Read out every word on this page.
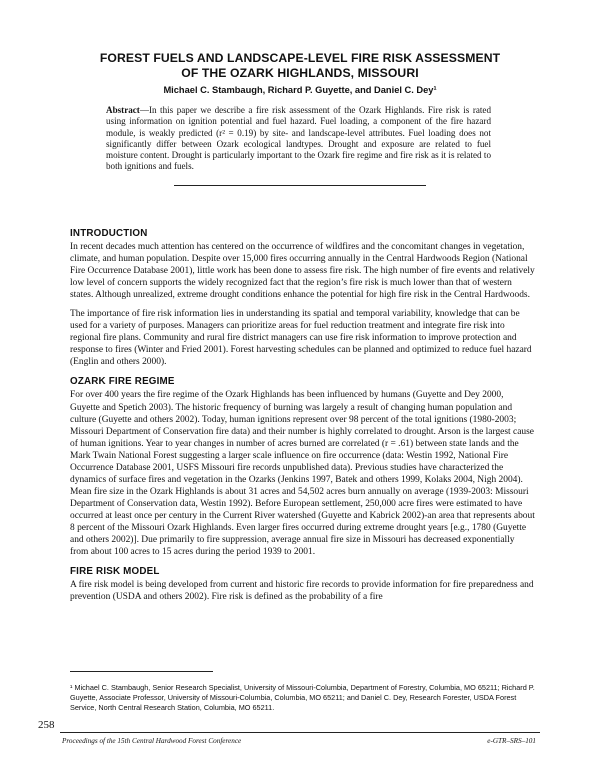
FOREST FUELS AND LANDSCAPE-LEVEL FIRE RISK ASSESSMENT
OF THE OZARK HIGHLANDS, MISSOURI
Michael C. Stambaugh, Richard P. Guyette, and Daniel C. Dey¹
Abstract—In this paper we describe a fire risk assessment of the Ozark Highlands. Fire risk is rated using information on ignition potential and fuel hazard. Fuel loading, a component of the fire hazard module, is weakly predicted (r² = 0.19) by site- and landscape-level attributes. Fuel loading does not significantly differ between Ozark ecological landtypes. Drought and exposure are related to fuel moisture content. Drought is particularly important to the Ozark fire regime and fire risk as it is related to both ignitions and fuels.
INTRODUCTION

In recent decades much attention has centered on the occurrence of wildfires and the concomitant changes in vegetation, climate, and human population. Despite over 15,000 fires occurring annually in the Central Hardwoods Region (National Fire Occurrence Database 2001), little work has been done to assess fire risk. The high number of fire events and relatively low level of concern supports the widely recognized fact that the region’s fire risk is much lower than that of western states. Although unrealized, extreme drought conditions enhance the potential for high fire risk in the Central Hardwoods.

The importance of fire risk information lies in understanding its spatial and temporal variability, knowledge that can be used for a variety of purposes. Managers can prioritize areas for fuel reduction treatment and integrate fire risk into regional fire plans. Community and rural fire district managers can use fire risk information to improve protection and response to fires (Winter and Fried 2001). Forest harvesting schedules can be planned and optimized to reduce fuel hazard (Englin and others 2000).

OZARK FIRE REGIME

For over 400 years the fire regime of the Ozark Highlands has been influenced by humans (Guyette and Dey 2000, Guyette and Spetich 2003). The historic frequency of burning was largely a result of changing human population and culture (Guyette and others 2002). Today, human ignitions represent over 98 percent of the total ignitions (1980-2003; Missouri Department of Conservation fire data) and their number is highly correlated to drought. Arson is the largest cause of human ignitions. Year to year changes in number of acres burned are correlated (r = .61) between state lands and the Mark Twain National Forest suggesting a larger scale influence on fire occurrence (data: Westin 1992, National Fire Occurrence Database 2001, USFS Missouri fire records unpublished data). Previous studies have characterized the dynamics of surface fires and vegetation in the Ozarks (Jenkins 1997, Batek and others 1999, Kolaks 2004, Nigh 2004). Mean fire size in the Ozark Highlands is about 31 acres and 54,502 acres burn annually on average (1939-2003: Missouri Department of Conservation data, Westin 1992). Before European settlement, 250,000 acre fires were estimated to have occurred at least once per century in the Current River watershed (Guyette and Kabrick 2002)-an area that represents about 8 percent of the Missouri Ozark Highlands. Even larger fires occurred during extreme drought years [e.g., 1780 (Guyette and others 2002)]. Due primarily to fire suppression, average annual fire size in Missouri has decreased exponentially from about 100 acres to 15 acres during the period 1939 to 2001.

FIRE RISK MODEL

A fire risk model is being developed from current and historic fire records to provide information for fire preparedness and prevention (USDA and others 2002). Fire risk is defined as the probability of a fire

¹ Michael C. Stambaugh, Senior Research Specialist, University of Missouri-Columbia, Department of Forestry, Columbia, MO 65211; Richard P. Guyette, Associate Professor, University of Missouri-Columbia, Columbia, MO 65211; and Daniel C. Dey, Research Forester, USDA Forest Service, North Central Research Station, Columbia, MO 65211.
258
Proceedings of the 15th Central Hardwood Forest Conference	e-GTR–SRS–101
